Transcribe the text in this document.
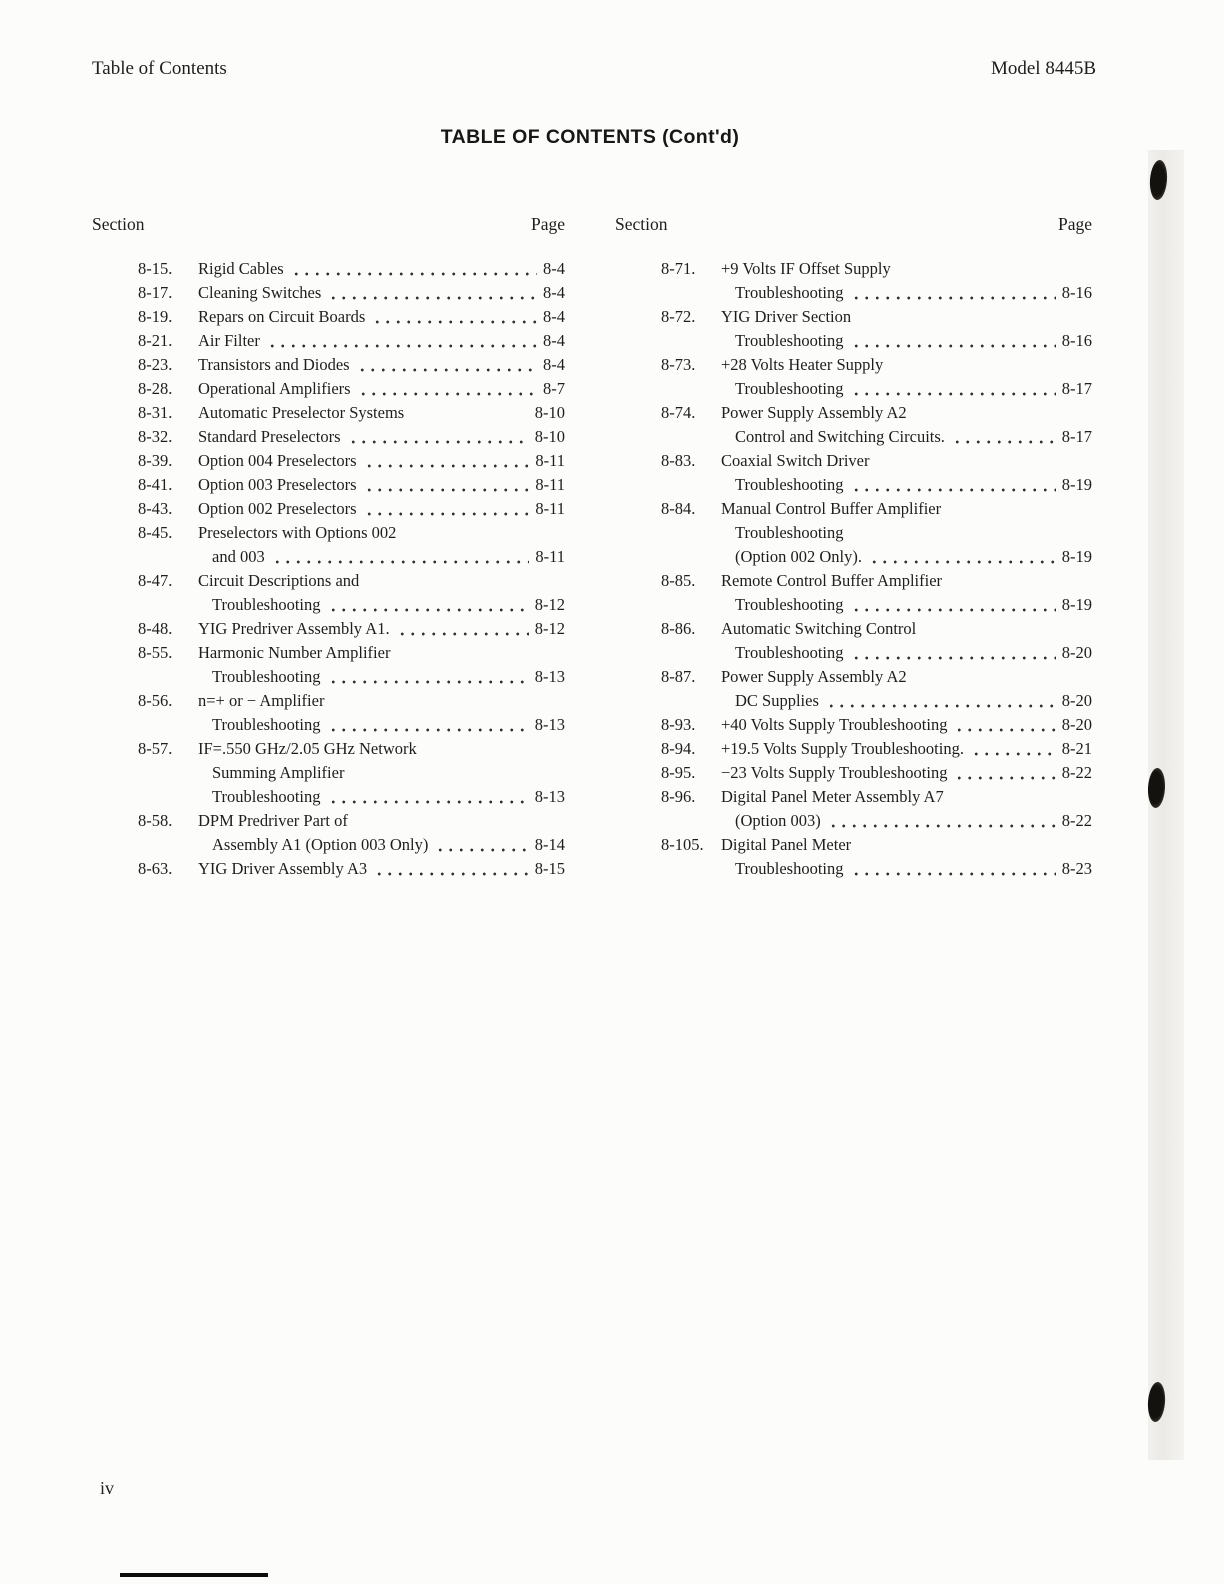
Table of Contents	Model 8445B
TABLE OF CONTENTS (Cont'd)
Section	Page
8-15.	Rigid Cables	8-4
8-17.	Cleaning Switches	8-4
8-19.	Repars on Circuit Boards	8-4
8-21.	Air Filter	8-4
8-23.	Transistors and Diodes	8-4
8-28.	Operational Amplifiers	8-7
8-31.	Automatic Preselector Systems	8-10
8-32.	Standard Preselectors	8-10
8-39.	Option 004 Preselectors	8-11
8-41.	Option 003 Preselectors	8-11
8-43.	Option 002 Preselectors	8-11
8-45.	Preselectors with Options 002
and 003	8-11
8-47.	Circuit Descriptions and
Troubleshooting	8-12
8-48.	YIG Predriver Assembly A1.	8-12
8-55.	Harmonic Number Amplifier
Troubleshooting	8-13
8-56.	n=+ or − Amplifier
Troubleshooting	8-13
8-57.	IF=.550 GHz/2.05 GHz Network
Summing Amplifier
Troubleshooting	8-13
8-58.	DPM Predriver Part of
Assembly A1 (Option 003 Only)	8-14
8-63.	YIG Driver Assembly A3	8-15
Section	Page
8-71.	+9 Volts IF Offset Supply
Troubleshooting	8-16
8-72.	YIG Driver Section
Troubleshooting	8-16
8-73.	+28 Volts Heater Supply
Troubleshooting	8-17
8-74.	Power Supply Assembly A2
Control and Switching Circuits.	8-17
8-83.	Coaxial Switch Driver
Troubleshooting	8-19
8-84.	Manual Control Buffer Amplifier
Troubleshooting
(Option 002 Only).	8-19
8-85.	Remote Control Buffer Amplifier
Troubleshooting	8-19
8-86.	Automatic Switching Control
Troubleshooting	8-20
8-87.	Power Supply Assembly A2
DC Supplies	8-20
8-93.	+40 Volts Supply Troubleshooting	8-20
8-94.	+19.5 Volts Supply Troubleshooting.	8-21
8-95.	−23 Volts Supply Troubleshooting	8-22
8-96.	Digital Panel Meter Assembly A7
(Option 003)	8-22
8-105.	Digital Panel Meter
Troubleshooting	8-23
iv
